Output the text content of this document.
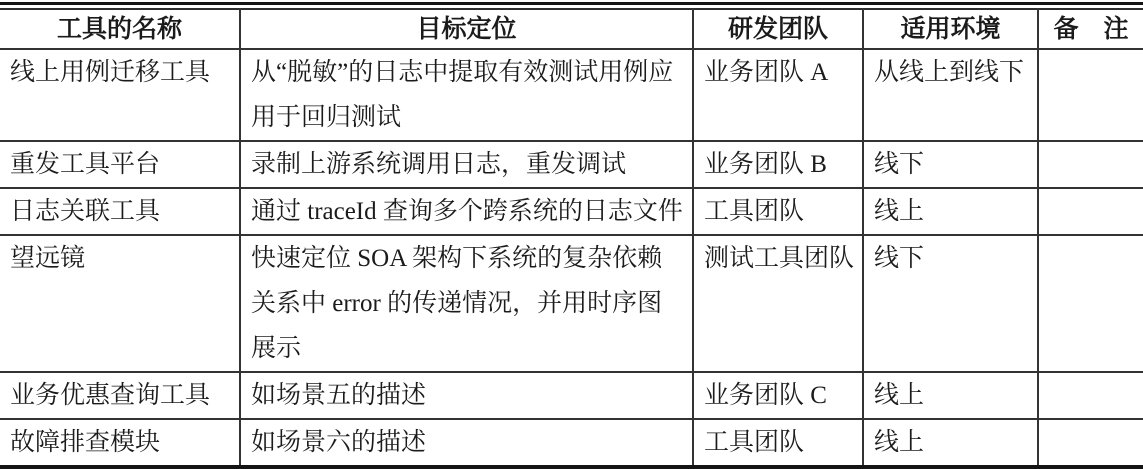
工具的名称	目标定位	研发团队	适用环境	备　注
线上用例迁移工具	从“脱敏”的日志中提取有效测试用例应用于回归测试	业务团队 A	从线上到线下	
重发工具平台	录制上游系统调用日志，重发调试	业务团队 B	线下	
日志关联工具	通过 traceId 查询多个跨系统的日志文件	工具团队	线上	
望远镜	快速定位 SOA 架构下系统的复杂依赖关系中 error 的传递情况，并用时序图展示	测试工具团队	线下	
业务优惠查询工具	如场景五的描述	业务团队 C	线上	
故障排查模块	如场景六的描述	工具团队	线上	
